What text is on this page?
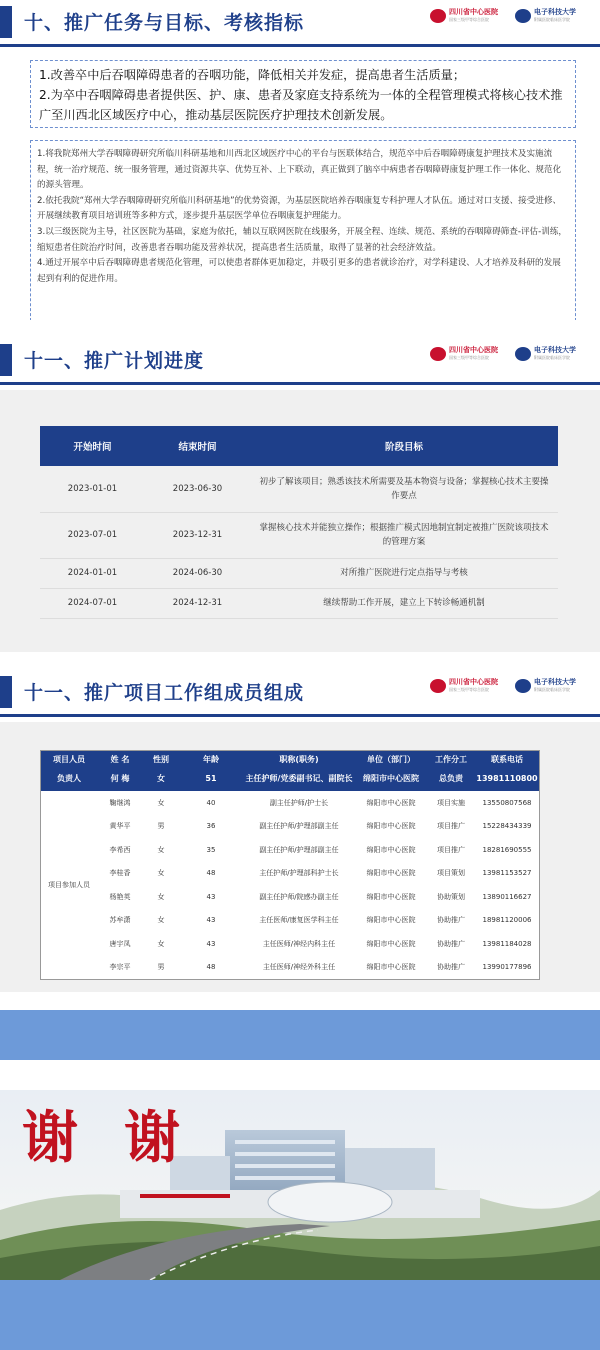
十、推广任务与目标、考核指标	四川省中心医院
国家三级甲等综合医院
电子科技大学
附属医院临床医学院

1.改善卒中后吞咽障碍患者的吞咽功能，降低相关并发症，提高患者生活质量；

2.为卒中吞咽障碍患者提供医、护、康、患者及家庭支持系统为一体的全程管理模式将核心技术推广至川西北区域医疗中心，推动基层医院医疗护理技术创新发展。

1.将我院郑州大学吞咽障碍研究所临川科研基地和川西北区域医疗中心的平台与医联体结合，规范卒中后吞咽障碍康复护理技术及实施流程，统一治疗规范、统一服务管理，通过资源共享、优势互补、上下联动，真正做到了脑卒中病患者吞咽障碍康复护理工作一体化、规范化的源头管理。

2.依托我院“郑州大学吞咽障碍研究所临川科研基地”的优势资源，为基层医院培养吞咽康复专科护理人才队伍。通过对口支援、接受进修、开展继续教育项目培训班等多种方式，逐步提升基层医学单位吞咽康复护理能力。

3.以三级医院为主导，社区医院为基础，家庭为依托，辅以互联网医院在线服务，开展全程、连续、规范、系统的吞咽障碍筛查-评估-训练，缩短患者住院治疗时间，改善患者吞咽功能及营养状况，提高患者生活质量，取得了显著的社会经济效益。

4.通过开展卒中后吞咽障碍患者规范化管理，可以使患者群体更加稳定，并吸引更多的患者就诊治疗，对学科建设、人才培养及科研的发展起到有利的促进作用。

十一、推广计划进度	四川省中心医院
国家三级甲等综合医院
电子科技大学
附属医院临床医学院
开始时间	结束时间	阶段目标
2023-01-01	2023-06-30	初步了解该项目；熟悉该技术所需要及基本物资与设备；掌握核心技术主要操作要点
2023-07-01	2023-12-31	掌握核心技术并能独立操作；根据推广模式因地制宜制定被推广医院该项技术的管理方案
2024-01-01	2024-06-30	对所推广医院进行定点指导与考核
2024-07-01	2024-12-31	继续帮助工作开展，建立上下转诊畅通机制
十一、推广项目工作组成员组成	四川省中心医院
国家三级甲等综合医院
电子科技大学
附属医院临床医学院
项目人员	姓 名	性别	年龄	职称(职务)	单位（部门）	工作分工	联系电话
负责人	何 梅	女	51	主任护师/党委副书记、副院长	绵阳市中心医院	总负责	13981110800
项目参加人员	鞠继鸿	女	40	副主任护师/护士长	绵阳市中心医院	项目实施	13550807568
	黄华平	男	36	副主任护师/护理部副主任	绵阳市中心医院	项目推广	15228434339
	李希西	女	35	副主任护师/护理部副主任	绵阳市中心医院	项目推广	18281690555
	李桂香	女	48	主任护师/护理部科护士长	绵阳市中心医院	项目策划	13981153527
	杨艳英	女	43	副主任护师/院感办副主任	绵阳市中心医院	协助策划	13890116627
	苏牟潇	女	43	主任医师/康复医学科主任	绵阳市中心医院	协助推广	18981120006
	唐宇凤	女	43	主任医师/神经内科主任	绵阳市中心医院	协助推广	13981184028
	李宗平	男	48	主任医师/神经外科主任	绵阳市中心医院	协助推广	13990177896
谢谢
